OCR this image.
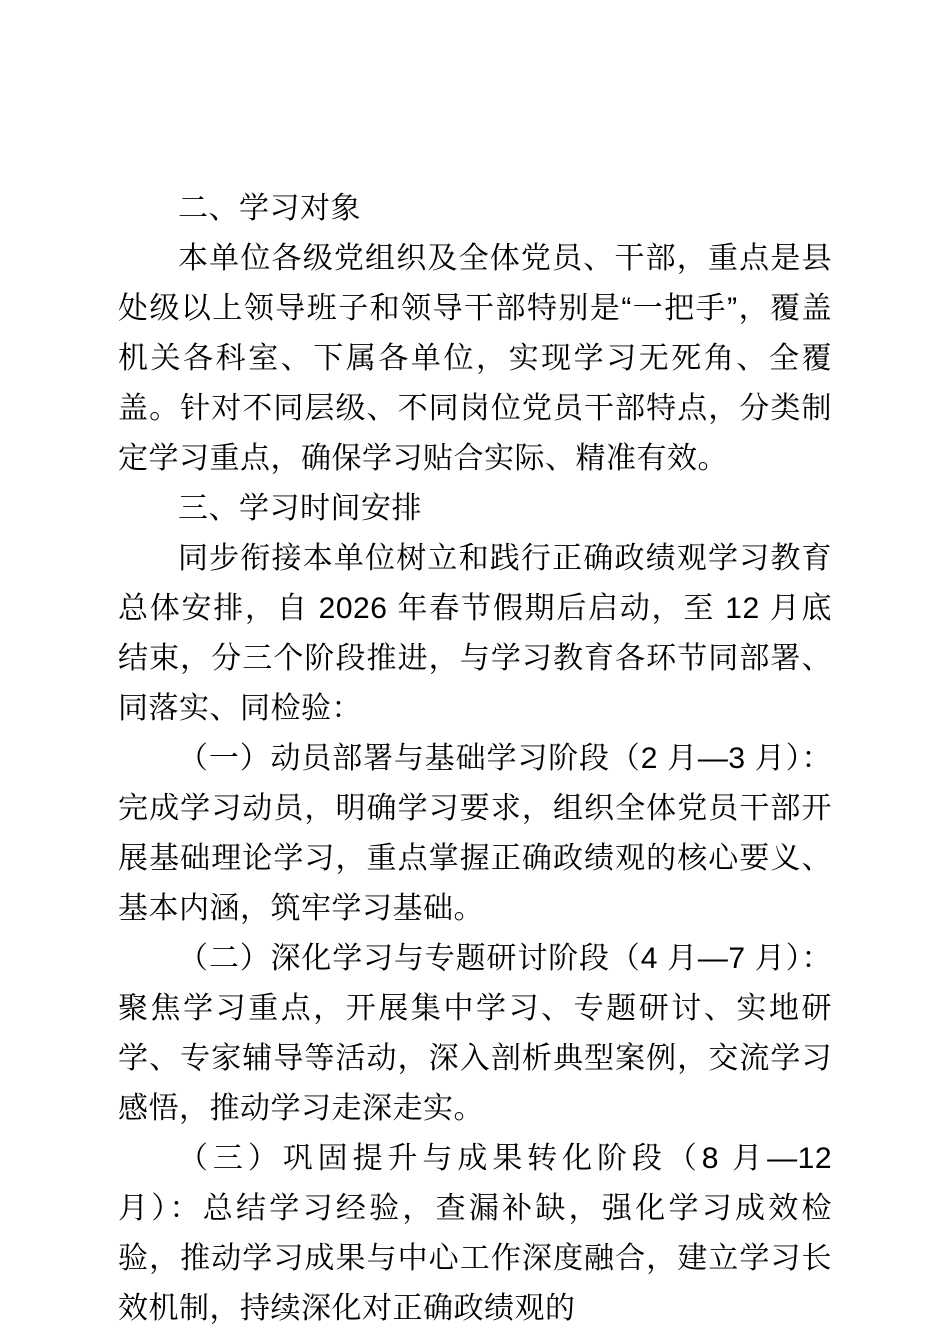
二、学习对象

本单位各级党组织及全体党员、干部，重点是县处级以上领导班子和领导干部特别是“一把手”，覆盖机关各科室、下属各单位，实现学习无死角、全覆盖。针对不同层级、不同岗位党员干部特点，分类制定学习重点，确保学习贴合实际、精准有效。

三、学习时间安排

同步衔接本单位树立和践行正确政绩观学习教育总体安排，自 2026 年春节假期后启动，至 12 月底结束，分三个阶段推进，与学习教育各环节同部署、同落实、同检验：

（一）动员部署与基础学习阶段（2 月—3 月）：完成学习动员，明确学习要求，组织全体党员干部开展基础理论学习，重点掌握正确政绩观的核心要义、基本内涵，筑牢学习基础。

（二）深化学习与专题研讨阶段（4 月—7 月）：聚焦学习重点，开展集中学习、专题研讨、实地研学、专家辅导等活动，深入剖析典型案例，交流学习感悟，推动学习走深走实。

（三）巩固提升与成果转化阶段（8 月—12 月）：总结学习经验，查漏补缺，强化学习成效检验，推动学习成果与中心工作深度融合，建立学习长效机制，持续深化对正确政绩观的
